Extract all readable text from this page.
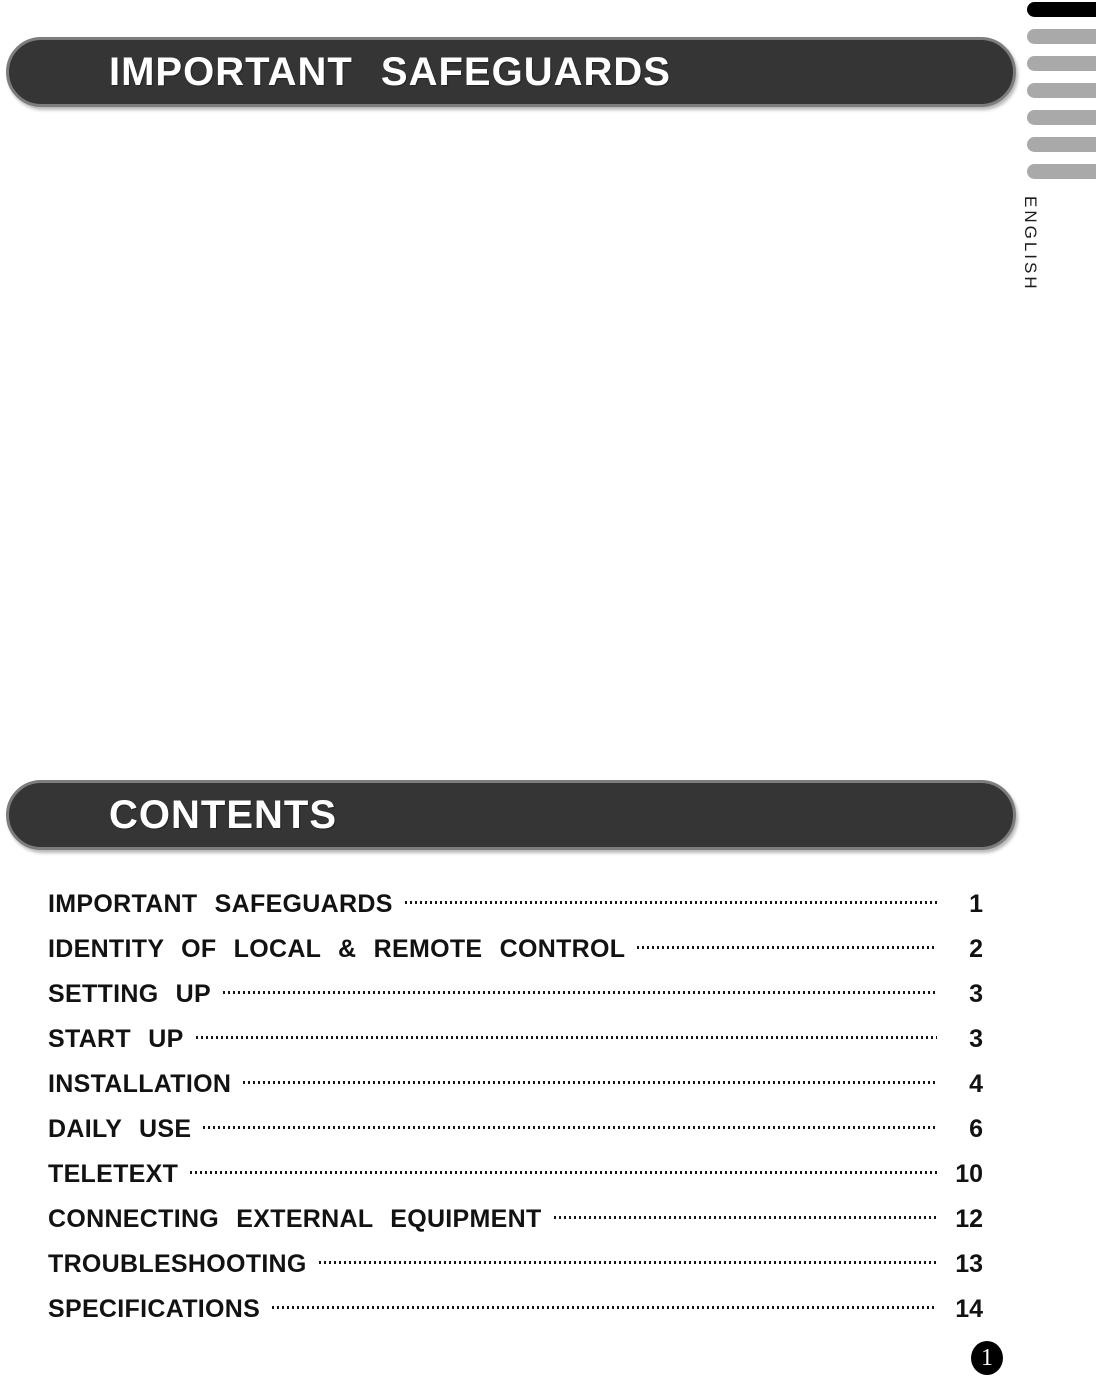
IMPORTANT SAFEGUARDS
ENGLISH
CONTENTS
IMPORTANT SAFEGUARDS	1
IDENTITY OF LOCAL & REMOTE CONTROL	2
SETTING UP	3
START UP	3
INSTALLATION	4
DAILY USE	6
TELETEXT	10
CONNECTING EXTERNAL EQUIPMENT	12
TROUBLESHOOTING	13
SPECIFICATIONS	14
1
